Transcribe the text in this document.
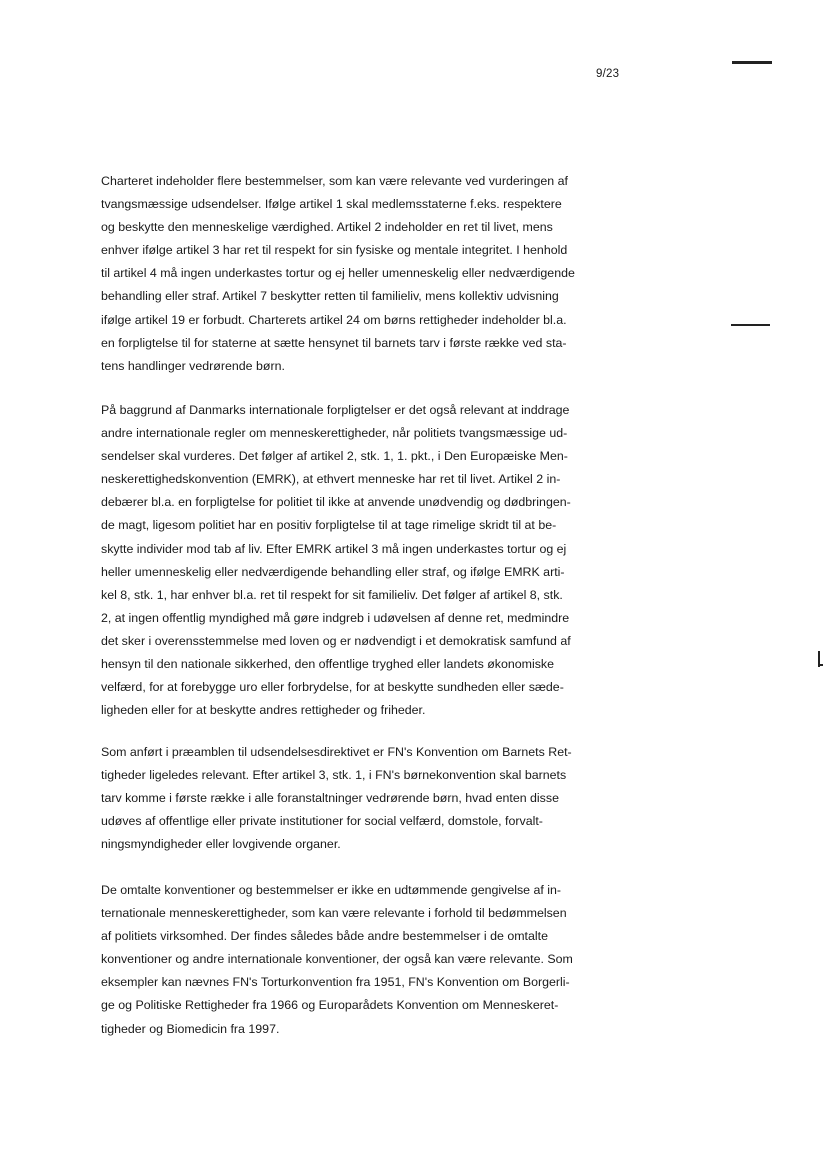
9/23

Charteret indeholder flere bestemmelser, som kan være relevante ved vurderingen af
tvangsmæssige udsendelser. Ifølge artikel 1 skal medlemsstaterne f.eks. respektere
og beskytte den menneskelige værdighed. Artikel 2 indeholder en ret til livet, mens
enhver ifølge artikel 3 har ret til respekt for sin fysiske og mentale integritet. I henhold
til artikel 4 må ingen underkastes tortur og ej heller umenneskelig eller nedværdigende
behandling eller straf. Artikel 7 beskytter retten til familieliv, mens kollektiv udvisning
ifølge artikel 19 er forbudt. Charterets artikel 24 om børns rettigheder indeholder bl.a.
en forpligtelse til for staterne at sætte hensynet til barnets tarv i første række ved sta-
tens handlinger vedrørende børn.

På baggrund af Danmarks internationale forpligtelser er det også relevant at inddrage
andre internationale regler om menneskerettigheder, når politiets tvangsmæssige ud-
sendelser skal vurderes. Det følger af artikel 2, stk. 1, 1. pkt., i Den Europæiske Men-
neskerettighedskonvention (EMRK), at ethvert menneske har ret til livet. Artikel 2 in-
debærer bl.a. en forpligtelse for politiet til ikke at anvende unødvendig og dødbringen-
de magt, ligesom politiet har en positiv forpligtelse til at tage rimelige skridt til at be-
skytte individer mod tab af liv. Efter EMRK artikel 3 må ingen underkastes tortur og ej
heller umenneskelig eller nedværdigende behandling eller straf, og ifølge EMRK arti-
kel 8, stk. 1, har enhver bl.a. ret til respekt for sit familieliv. Det følger af artikel 8, stk.
2, at ingen offentlig myndighed må gøre indgreb i udøvelsen af denne ret, medmindre
det sker i overensstemmelse med loven og er nødvendigt i et demokratisk samfund af
hensyn til den nationale sikkerhed, den offentlige tryghed eller landets økonomiske
velfærd, for at forebygge uro eller forbrydelse, for at beskytte sundheden eller sæde-
ligheden eller for at beskytte andres rettigheder og friheder.

Som anført i præamblen til udsendelsesdirektivet er FN's Konvention om Barnets Ret-
tigheder ligeledes relevant. Efter artikel 3, stk. 1, i FN's børnekonvention skal barnets
tarv komme i første række i alle foranstaltninger vedrørende børn, hvad enten disse
udøves af offentlige eller private institutioner for social velfærd, domstole, forvalt-
ningsmyndigheder eller lovgivende organer.

De omtalte konventioner og bestemmelser er ikke en udtømmende gengivelse af in-
ternationale menneskerettigheder, som kan være relevante i forhold til bedømmelsen
af politiets virksomhed. Der findes således både andre bestemmelser i de omtalte
konventioner og andre internationale konventioner, der også kan være relevante. Som
eksempler kan nævnes FN's Torturkonvention fra 1951, FN's Konvention om Borgerli-
ge og Politiske Rettigheder fra 1966 og Europarådets Konvention om Menneskeret-
tigheder og Biomedicin fra 1997.
